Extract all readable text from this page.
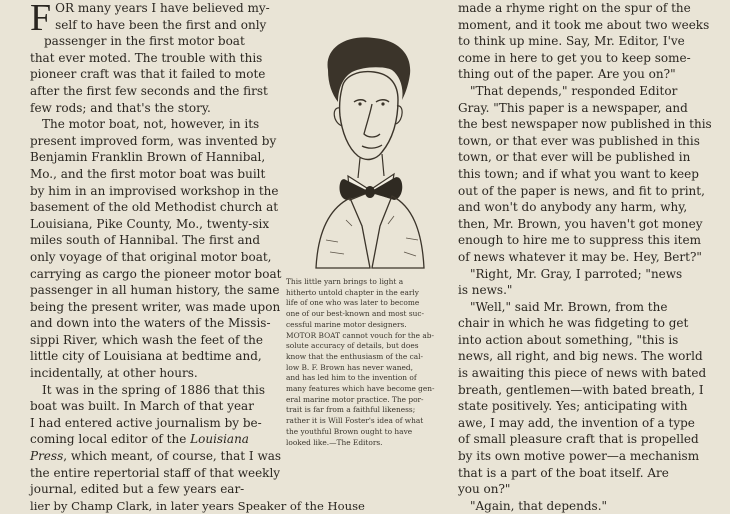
F OR many years I have believed my-
self to have been the first and only
passenger in the first motor boat
that ever moted. The trouble with this
pioneer craft was that it failed to mote
after the first few seconds and the first
few rods; and that's the story.
The motor boat, not, however, in its
present improved form, was invented by
Benjamin Franklin Brown of Hannibal,
Mo., and the first motor boat was built
by him in an improvised workshop in the
basement of the old Methodist church at
Louisiana, Pike County, Mo., twenty-six
miles south of Hannibal. The first and
only voyage of that original motor boat,
carrying as cargo the pioneer motor boat
passenger in all human history, the same
being the present writer, was made upon
and down into the waters of the Missis-
sippi River, which wash the feet of the
little city of Louisiana at bedtime and,
incidentally, at other hours.
It was in the spring of 1886 that this
boat was built. In March of that year
I had entered active journalism by be-
coming local editor of the Louisiana
Press, which meant, of course, that I was
the entire repertorial staff of that weekly
journal, edited but a few years ear-
lier by Champ Clark, in later years Speaker of the House
This little yarn brings to light a
hitherto untold chapter in the early
life of one who was later to become
one of our best-known and most suc-
cessful marine motor designers.
MOTOR BOAT cannot vouch for the ab-
solute accuracy of details, but does
know that the enthusiasm of the cal-
low B. F. Brown has never waned,
and has led him to the invention of
many features which have become gen-
eral marine motor practice. The por-
trait is far from a faithful likeness;
rather it is Will Foster's idea of what
the youthful Brown ought to have
looked like.—The Editors.
made a rhyme right on the spur of the
moment, and it took me about two weeks
to think up mine. Say, Mr. Editor, I've
come in here to get you to keep some-
thing out of the paper. Are you on?"
"That depends," responded Editor
Gray. "This paper is a newspaper, and
the best newspaper now published in this
town, or that ever was published in this
town, or that ever will be published in
this town; and if what you want to keep
out of the paper is news, and fit to print,
and won't do anybody any harm, why,
then, Mr. Brown, you haven't got money
enough to hire me to suppress this item
of news whatever it may be. Hey, Bert?"
"Right, Mr. Gray, I parroted; "news
is news."
"Well," said Mr. Brown, from the
chair in which he was fidgeting to get
into action about something, "this is
news, all right, and big news. The world
is awaiting this piece of news with bated
breath, gentlemen—with bated breath, I
state positively. Yes; anticipating with
awe, I may add, the invention of a type
of small pleasure craft that is propelled
by its own motive power—a mechanism
that is a part of the boat itself. Are
you on?"
"Again, that depends."
